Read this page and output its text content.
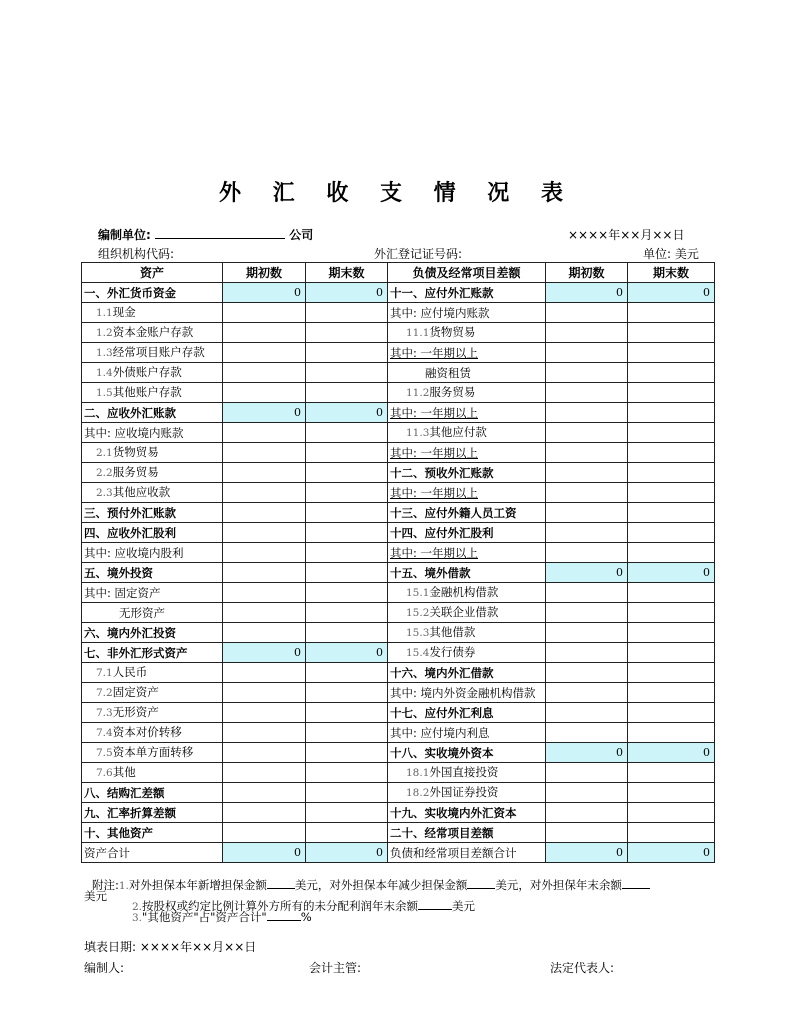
外 汇 收 支 情 况 表
编制单位:	公司	××××年××月××日
组织机构代码:	外汇登记证号码:	单位: 美元
资产	期初数	期末数	负债及经常项目差额	期初数	期末数
一、外汇货币资金	0	0	十一、应付外汇账款	0	0
1.1现金			其中: 应付境内账款		
1.2资本金账户存款			11.1货物贸易		
1.3经常项目账户存款			其中: 一年期以上		
1.4外债账户存款			融资租赁		
1.5其他账户存款			11.2服务贸易		
二、应收外汇账款	0	0	其中: 一年期以上		
其中: 应收境内账款			11.3其他应付款		
2.1货物贸易			其中: 一年期以上		
2.2服务贸易			十二、预收外汇账款		
2.3其他应收款			其中: 一年期以上		
三、预付外汇账款			十三、应付外籍人员工资		
四、应收外汇股利			十四、应付外汇股利		
其中: 应收境内股利			其中: 一年期以上		
五、境外投资			十五、境外借款	0	0
其中: 固定资产			15.1金融机构借款		
无形资产			15.2关联企业借款		
六、境内外汇投资			15.3其他借款		
七、非外汇形式资产	0	0	15.4发行债券		
7.1人民币			十六、境内外汇借款		
7.2固定资产			其中: 境内外资金融机构借款		
7.3无形资产			十七、应付外汇利息		
7.4资本对价转移			其中: 应付境内利息		
7.5资本单方面转移			十八、实收境外资本	0	0
7.6其他			18.1外国直接投资		
八、结购汇差额			18.2外国证券投资		
九、汇率折算差额			十九、实收境内外汇资本		
十、其他资产			二十、经常项目差额		
资产合计	0	0	负债和经常项目差额合计	0	0
附注:1.对外担保本年新增担保金额 美元，对外担保本年减少担保金额 美元，对外担保年末余额
美元
2.按股权或约定比例计算外方所有的未分配利润年末余额	美元
3."其他资产"占"资产合计"	%
填表日期: ××××年××月××日
编制人:	会计主管:	法定代表人:
